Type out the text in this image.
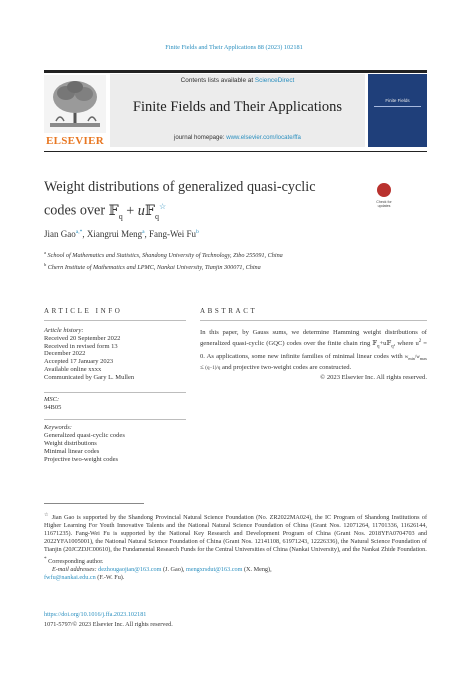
Finite Fields and Their Applications 88 (2023) 102181
ELSEVIER
Contents lists available at ScienceDirect
Finite Fields and Their Applications
journal homepage: www.elsevier.com/locate/ffa
Finite Fields
Weight distributions of generalized quasi-cyclic
codes over 𝔽$_q$ + u𝔽$_q$☆	Check for updates
Jian Gao$^{a,*}$, Xiangrui Meng$^a$, Fang-Wei Fu$^b$
$^a$ School of Mathematics and Statistics, Shandong University of Technology, Zibo 255091, China
$^b$ Chern Institute of Mathematics and LPMC, Nankai University, Tianjin 300071, China
ARTICLE INFO
Article history:
Received 20 September 2022
Received in revised form 13
December 2022
Accepted 17 January 2023
Available online xxxx
Communicated by Gary L. Mullen
MSC:
94B05
Keywords:
Generalized quasi-cyclic codes
Weight distributions
Minimal linear codes
Projective two-weight codes
ABSTRACT
In this paper, by Gauss sums, we determine Hamming weight distributions of generalized quasi-cyclic (GQC) codes over the finite chain ring 𝔽$_q$+u𝔽$_q$, where $u^2 = 0$. As applications, some new infinite families of minimal linear codes with $w_{min}/w_{max} \le (q-1)/q$ and projective two-weight codes are constructed.
© 2023 Elsevier Inc. All rights reserved.
☆ Jian Gao is supported by the Shandong Provincial Natural Science Foundation (No. ZR2022MA024), the IC Program of Shandong Institutions of Higher Learning For Youth Innovative Talents and the National Natural Science Foundation of China (Grant Nos. 12071264, 11701336, 11626144, 11671235). Fang-Wei Fu is supported by the National Key Research and Development Program of China (Grant Nos. 2018YFA0704703 and 2022YFA1005001), the National Natural Science Foundation of China (Grant Nos. 12141108, 61971243, 12226336), the Natural Science Foundation of Tianjin (20JCZDJC00610), the Fundamental Research Funds for the Central Universities of China (Nankai University), and the Nankai Zhide Foundation.
* Corresponding author.
E-mail addresses: dezhougaojian@163.com (J. Gao), mengxrsdut@163.com (X. Meng),
fwfu@nankai.edu.cn (F.-W. Fu).
https://doi.org/10.1016/j.ffa.2023.102181
1071-5797/© 2023 Elsevier Inc. All rights reserved.
